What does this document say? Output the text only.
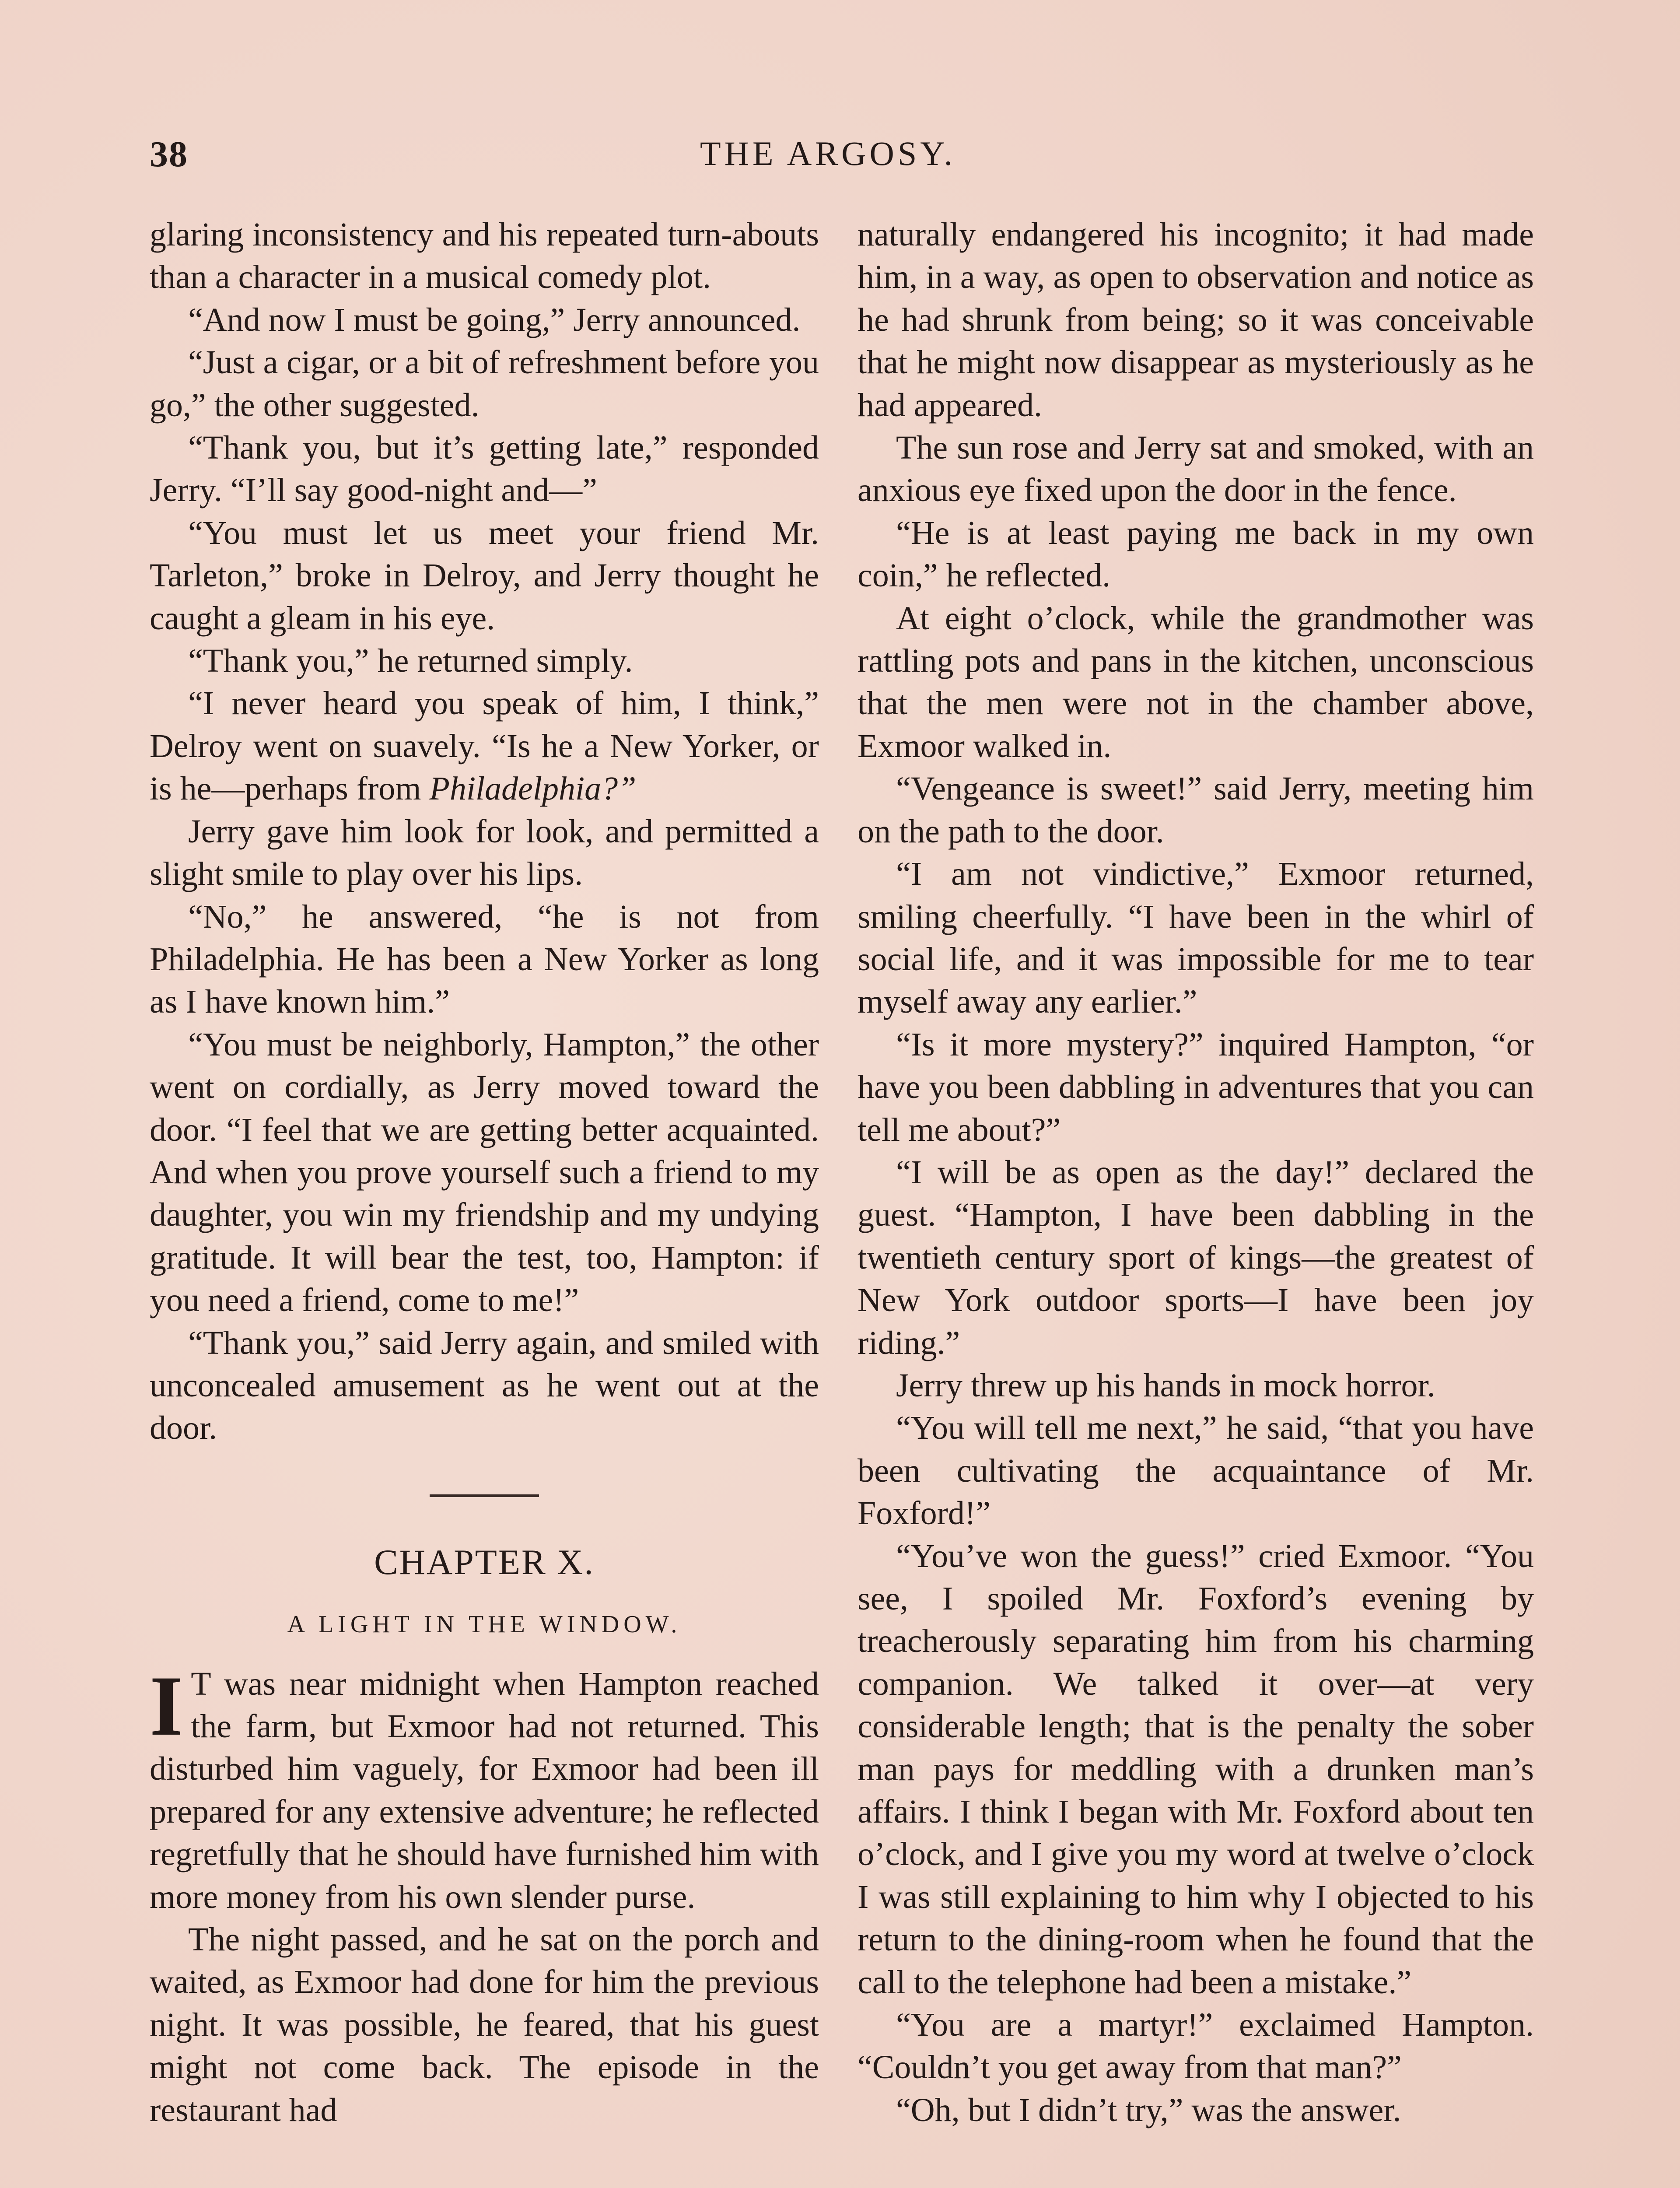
38	THE ARGOSY.

glaring inconsistency and his repeated turn-abouts than a character in a musical comedy plot.

“And now I must be going,” Jerry announced.

“Just a cigar, or a bit of refreshment before you go,” the other suggested.

“Thank you, but it’s getting late,” responded Jerry. “I’ll say good-night and—”

“You must let us meet your friend Mr. Tarleton,” broke in Delroy, and Jerry thought he caught a gleam in his eye.

“Thank you,” he returned simply.

“I never heard you speak of him, I think,” Delroy went on suavely. “Is he a New Yorker, or is he—perhaps from Philadelphia?”

Jerry gave him look for look, and permitted a slight smile to play over his lips.

“No,” he answered, “he is not from Philadelphia. He has been a New Yorker as long as I have known him.”

“You must be neighborly, Hampton,” the other went on cordially, as Jerry moved toward the door. “I feel that we are getting better acquainted. And when you prove yourself such a friend to my daughter, you win my friendship and my undying gratitude. It will bear the test, too, Hampton: if you need a friend, come to me!”

“Thank you,” said Jerry again, and smiled with unconcealed amusement as he went out at the door.

CHAPTER X.
A LIGHT IN THE WINDOW.

I T was near midnight when Hampton reached the farm, but Exmoor had not returned. This disturbed him vaguely, for Exmoor had been ill prepared for any extensive adventure; he reflected regretfully that he should have furnished him with more money from his own slender purse.

The night passed, and he sat on the porch and waited, as Exmoor had done for him the previous night. It was possible, he feared, that his guest might not come back. The episode in the restaurant had

naturally endangered his incognito; it had made him, in a way, as open to observation and notice as he had shrunk from being; so it was conceivable that he might now disappear as mysteriously as he had appeared.

The sun rose and Jerry sat and smoked, with an anxious eye fixed upon the door in the fence.

“He is at least paying me back in my own coin,” he reflected.

At eight o’clock, while the grandmother was rattling pots and pans in the kitchen, unconscious that the men were not in the chamber above, Exmoor walked in.

“Vengeance is sweet!” said Jerry, meeting him on the path to the door.

“I am not vindictive,” Exmoor returned, smiling cheerfully. “I have been in the whirl of social life, and it was impossible for me to tear myself away any earlier.”

“Is it more mystery?” inquired Hampton, “or have you been dabbling in adventures that you can tell me about?”

“I will be as open as the day!” declared the guest. “Hampton, I have been dabbling in the twentieth century sport of kings—the greatest of New York outdoor sports—I have been joy riding.”

Jerry threw up his hands in mock horror.

“You will tell me next,” he said, “that you have been cultivating the acquaintance of Mr. Foxford!”

“You’ve won the guess!” cried Exmoor. “You see, I spoiled Mr. Foxford’s evening by treacherously separating him from his charming companion. We talked it over—at very considerable length; that is the penalty the sober man pays for meddling with a drunken man’s affairs. I think I began with Mr. Foxford about ten o’clock, and I give you my word at twelve o’clock I was still explaining to him why I objected to his return to the dining-room when he found that the call to the telephone had been a mistake.”

“You are a martyr!” exclaimed Hampton. “Couldn’t you get away from that man?”

“Oh, but I didn’t try,” was the answer.
